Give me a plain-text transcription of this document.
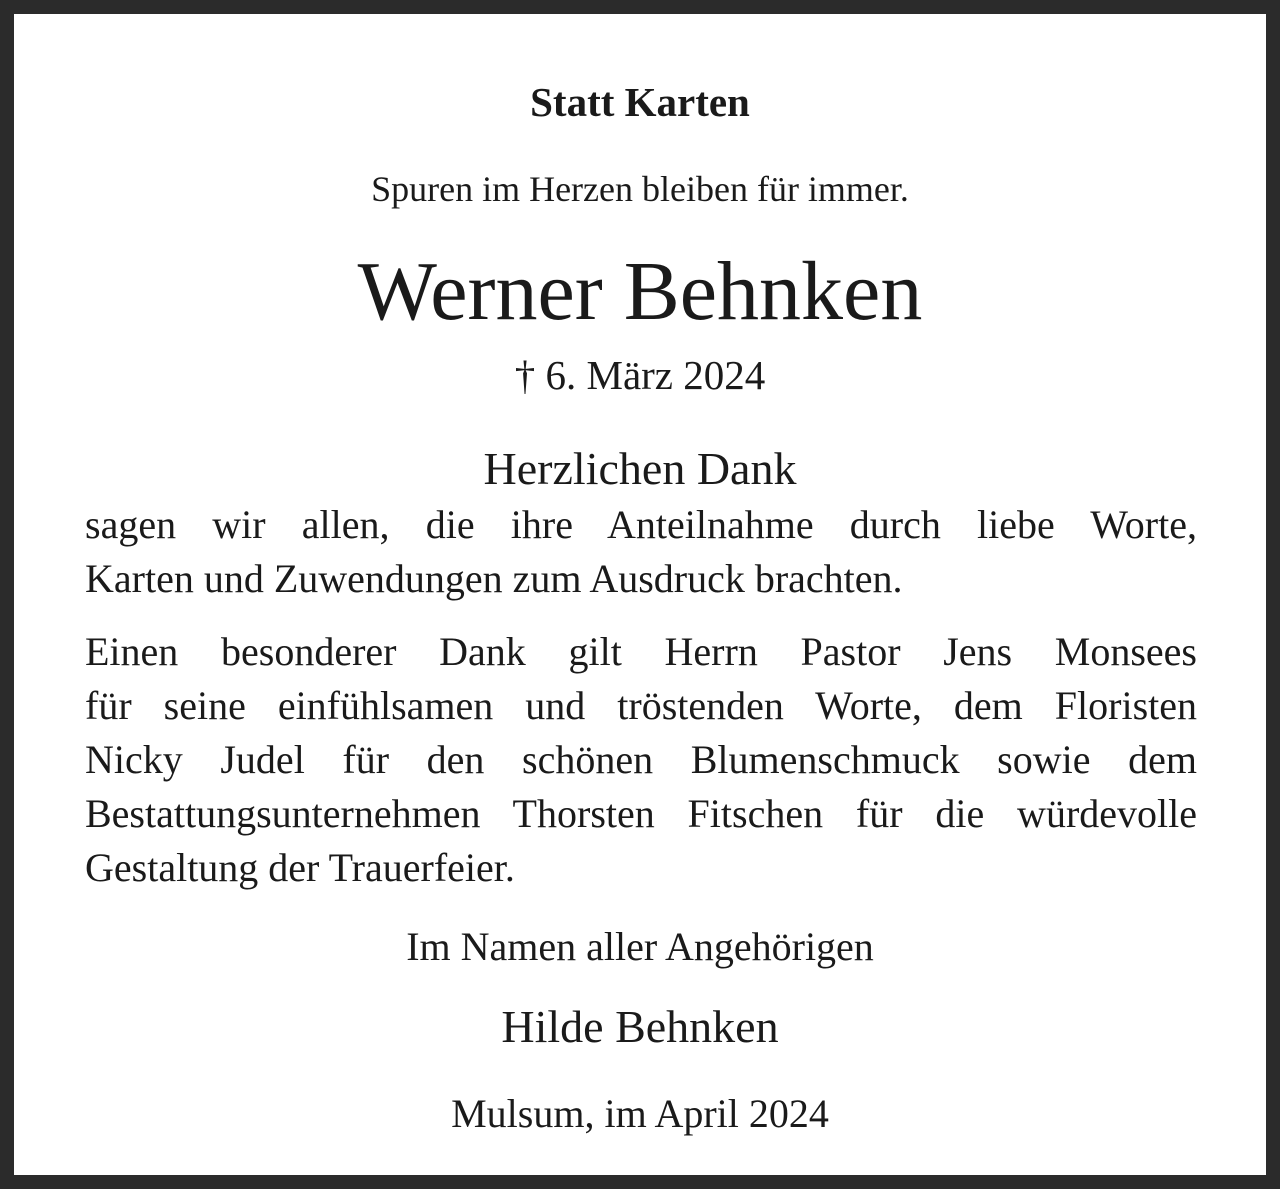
Statt Karten
Spuren im Herzen bleiben für immer.
Werner Behnken
† 6. März 2024
Herzlichen Dank
sagen wir allen, die ihre Anteilnahme durch liebe Worte,
Karten und Zuwendungen zum Ausdruck brachten.
Einen besonderer Dank gilt Herrn Pastor Jens Monsees
für seine einfühlsamen und tröstenden Worte, dem Floristen
Nicky Judel für den schönen Blumenschmuck sowie dem
Bestattungsunternehmen Thorsten Fitschen für die würdevolle
Gestaltung der Trauerfeier.
Im Namen aller Angehörigen
Hilde Behnken
Mulsum, im April 2024
